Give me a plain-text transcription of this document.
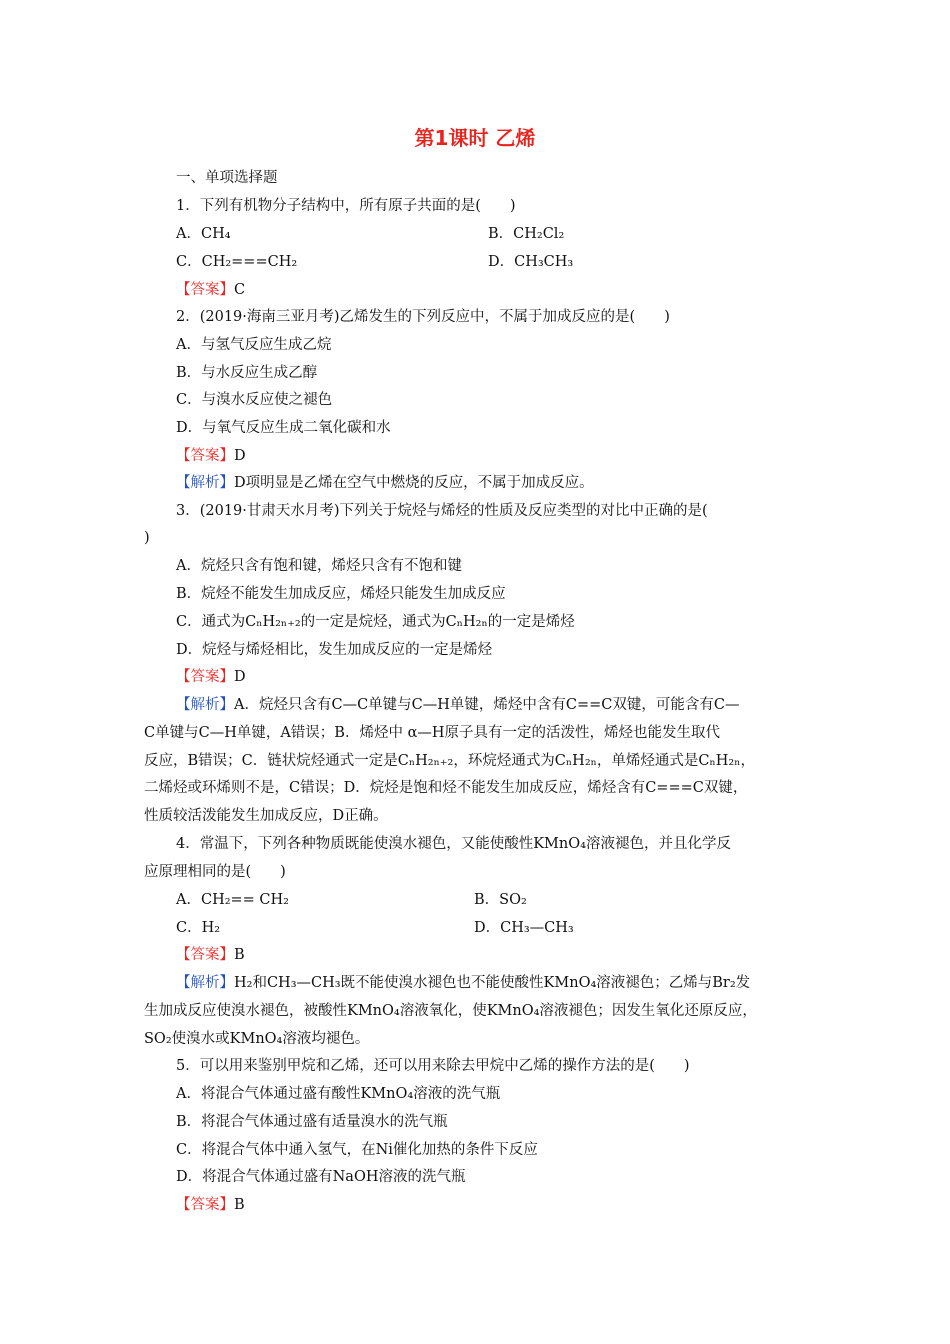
第1课时 乙烯
一、单项选择题
1．下列有机物分子结构中，所有原子共面的是(　　)
A．CH₄	B．CH₂Cl₂
C．CH₂===CH₂	D．CH₃CH₃
【答案】C
2．(2019·海南三亚月考)乙烯发生的下列反应中，不属于加成反应的是(　　)
A．与氢气反应生成乙烷
B．与水反应生成乙醇
C．与溴水反应使之褪色
D．与氧气反应生成二氧化碳和水
【答案】D
【解析】D项明显是乙烯在空气中燃烧的反应，不属于加成反应。
3．(2019·甘肃天水月考)下列关于烷烃与烯烃的性质及反应类型的对比中正确的是(
)
A．烷烃只含有饱和键，烯烃只含有不饱和键
B．烷烃不能发生加成反应，烯烃只能发生加成反应
C．通式为CₙH₂ₙ₊₂的一定是烷烃，通式为CₙH₂ₙ的一定是烯烃
D．烷烃与烯烃相比，发生加成反应的一定是烯烃
【答案】D
【解析】A．烷烃只含有C—C单键与C—H单键，烯烃中含有C==C双键，可能含有C—
C单键与C—H单键，A错误；B．烯烃中 α—H原子具有一定的活泼性，烯烃也能发生取代
反应，B错误；C．链状烷烃通式一定是CₙH₂ₙ₊₂，环烷烃通式为CₙH₂ₙ，单烯烃通式是CₙH₂ₙ，
二烯烃或环烯则不是，C错误；D．烷烃是饱和烃不能发生加成反应，烯烃含有C===C双键，
性质较活泼能发生加成反应，D正确。
4．常温下，下列各种物质既能使溴水褪色，又能使酸性KMnO₄溶液褪色，并且化学反
应原理相同的是(　　)
A．CH₂== CH₂	B．SO₂
C．H₂	D．CH₃—CH₃
【答案】B
【解析】H₂和CH₃—CH₃既不能使溴水褪色也不能使酸性KMnO₄溶液褪色；乙烯与Br₂发
生加成反应使溴水褪色，被酸性KMnO₄溶液氧化，使KMnO₄溶液褪色；因发生氧化还原反应，
SO₂使溴水或KMnO₄溶液均褪色。
5．可以用来鉴别甲烷和乙烯，还可以用来除去甲烷中乙烯的操作方法的是(　　)
A．将混合气体通过盛有酸性KMnO₄溶液的洗气瓶
B．将混合气体通过盛有适量溴水的洗气瓶
C．将混合气体中通入氢气，在Ni催化加热的条件下反应
D．将混合气体通过盛有NaOH溶液的洗气瓶
【答案】B
